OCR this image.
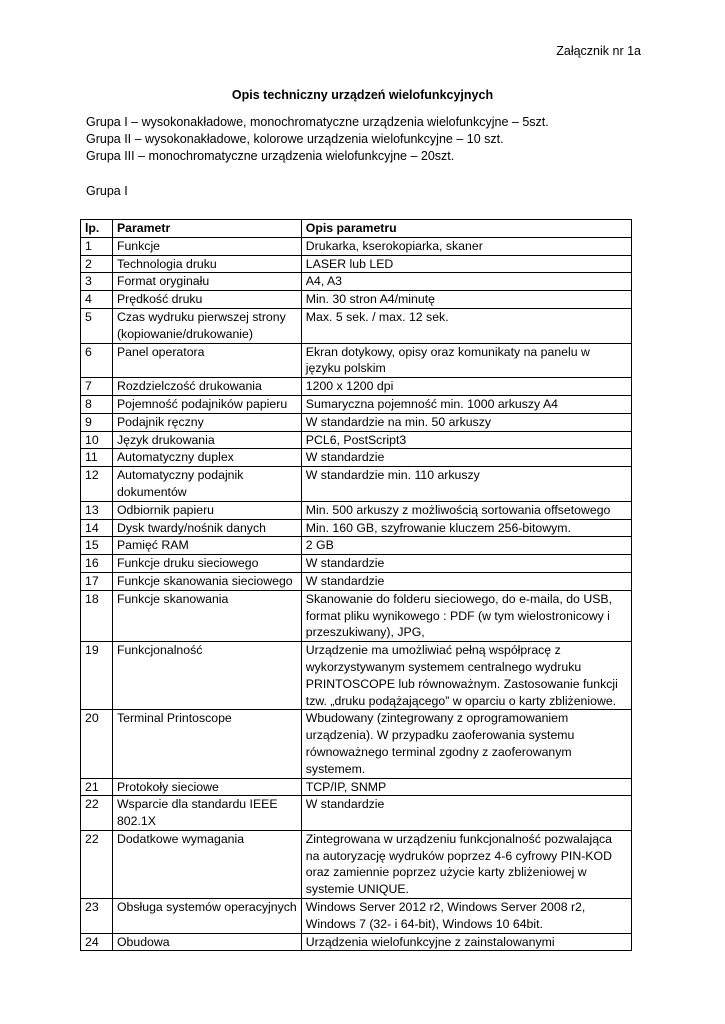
Załącznik nr 1a
Opis techniczny urządzeń wielofunkcyjnych
Grupa I – wysokonakładowe, monochromatyczne urządzenia wielofunkcyjne – 5szt.
Grupa II – wysokonakładowe, kolorowe urządzenia wielofunkcyjne – 10 szt.
Grupa III – monochromatyczne urządzenia wielofunkcyjne – 20szt.
Grupa I
lp.	Parametr	Opis parametru
1	Funkcje	Drukarka, kserokopiarka, skaner
2	Technologia druku	LASER lub LED
3	Format oryginału	A4, A3
4	Prędkość druku	Min. 30 stron A4/minutę
5	Czas wydruku pierwszej strony (kopiowanie/drukowanie)	Max. 5 sek. / max. 12 sek.
6	Panel operatora	Ekran dotykowy, opisy oraz komunikaty na panelu w języku polskim
7	Rozdzielczość drukowania	1200 x 1200 dpi
8	Pojemność podajników papieru	Sumaryczna pojemność min. 1000 arkuszy A4
9	Podajnik ręczny	W standardzie na min. 50 arkuszy
10	Język drukowania	PCL6, PostScript3
11	Automatyczny duplex	W standardzie
12	Automatyczny podajnik dokumentów	W standardzie min. 110 arkuszy
13	Odbiornik papieru	Min. 500 arkuszy z możliwością sortowania offsetowego
14	Dysk twardy/nośnik danych	Min. 160 GB, szyfrowanie kluczem 256-bitowym.
15	Pamięć RAM	2 GB
16	Funkcje druku sieciowego	W standardzie
17	Funkcje skanowania sieciowego	W standardzie
18	Funkcje skanowania	Skanowanie do folderu sieciowego, do e-maila, do USB, format pliku wynikowego : PDF (w tym wielostronicowy i przeszukiwany), JPG,
19	Funkcjonalność	Urządzenie ma umożliwiać pełną współpracę z wykorzystywanym systemem centralnego wydruku PRINTOSCOPE lub równoważnym. Zastosowanie funkcji tzw. „druku podążającego” w oparciu o karty zbliżeniowe.
20	Terminal Printoscope	Wbudowany (zintegrowany z oprogramowaniem urządzenia). W przypadku zaoferowania systemu równoważnego terminal zgodny z zaoferowanym systemem.
21	Protokoły sieciowe	TCP/IP, SNMP
22	Wsparcie dla standardu IEEE 802.1X	W standardzie
22	Dodatkowe wymagania	Zintegrowana w urządzeniu funkcjonalność pozwalająca na autoryzację wydruków poprzez 4-6 cyfrowy PIN-KOD oraz zamiennie poprzez użycie karty zbliżeniowej w systemie UNIQUE.
23	Obsługa systemów operacyjnych	Windows Server 2012 r2, Windows Server 2008 r2, Windows 7 (32- i 64-bit), Windows 10 64bit.
24	Obudowa	Urządzenia wielofunkcyjne z zainstalowanymi
